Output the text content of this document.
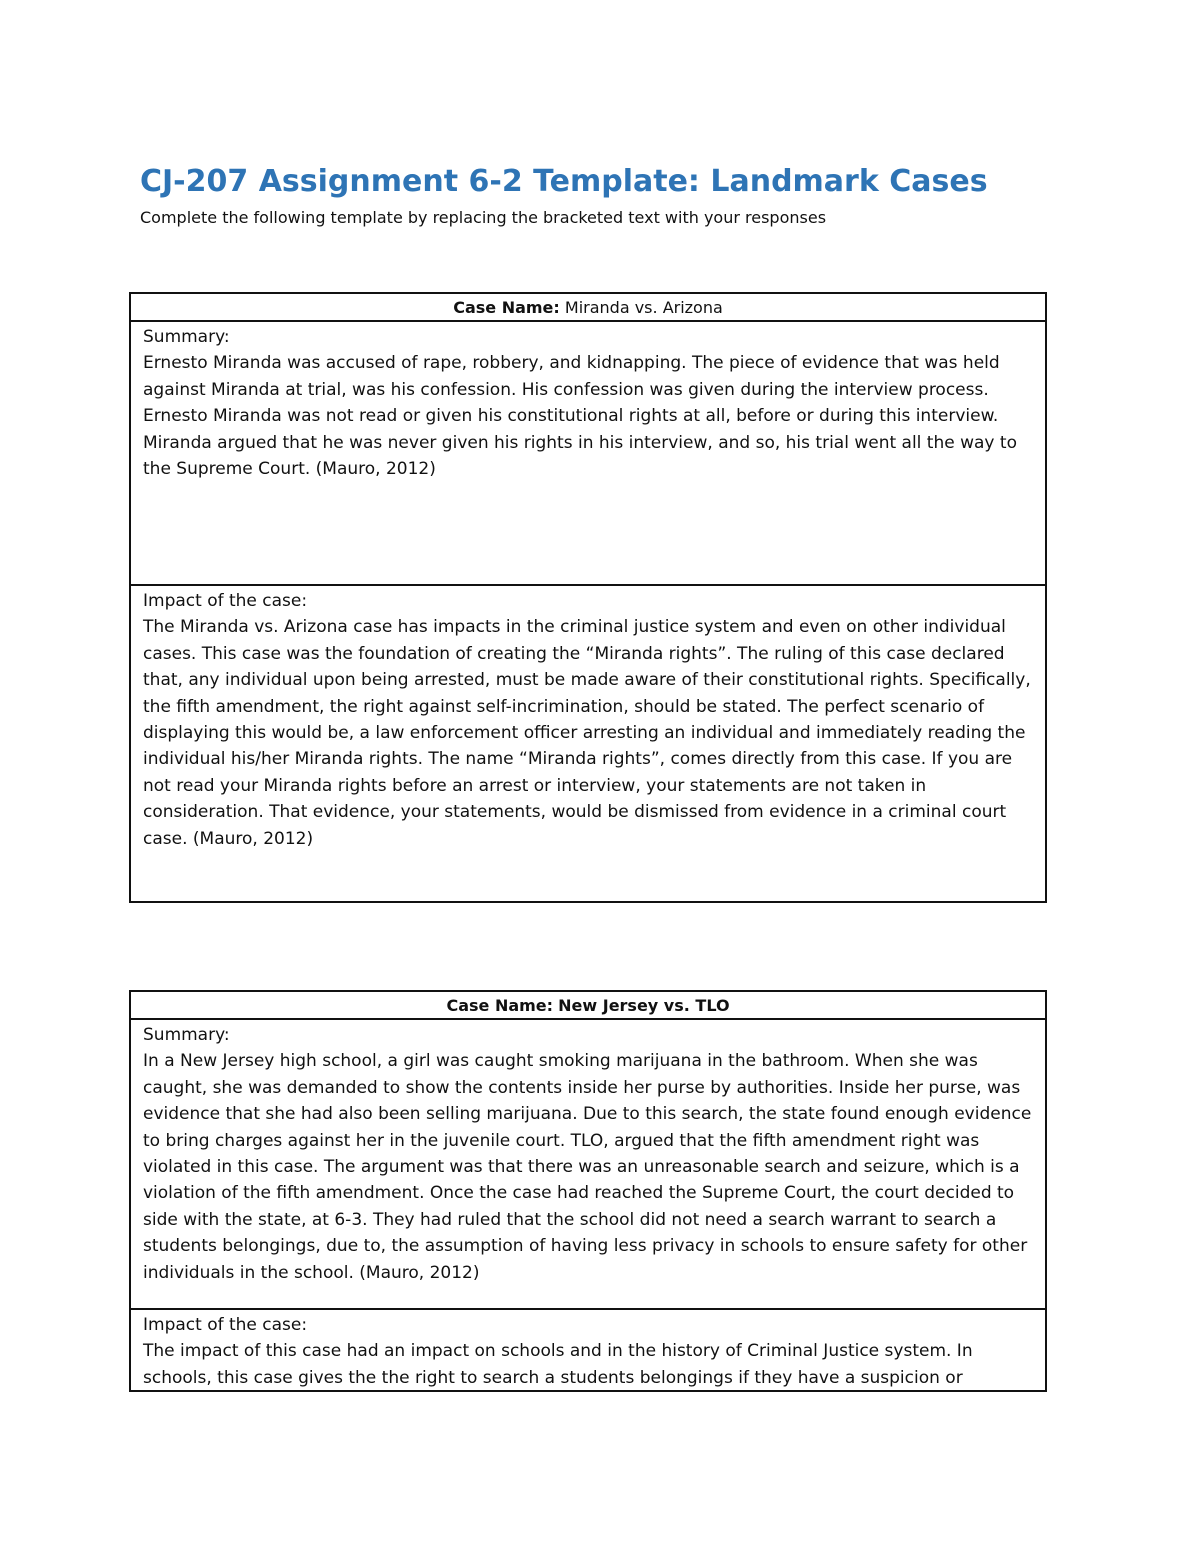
CJ-207 Assignment 6-2 Template: Landmark Cases

Complete the following template by replacing the bracketed text with your responses

Case Name: Miranda vs. Arizona
Summary:
Ernesto Miranda was accused of rape, robbery, and kidnapping. The piece of evidence that was held against Miranda at trial, was his confession. His confession was given during the interview process. Ernesto Miranda was not read or given his constitutional rights at all, before or during this interview. Miranda argued that he was never given his rights in his interview, and so, his trial went all the way to the Supreme Court. (Mauro, 2012)
Impact of the case:
The Miranda vs. Arizona case has impacts in the criminal justice system and even on other individual cases. This case was the foundation of creating the “Miranda rights”. The ruling of this case declared that, any individual upon being arrested, must be made aware of their constitutional rights. Specifically, the fifth amendment, the right against self-incrimination, should be stated. The perfect scenario of displaying this would be, a law enforcement officer arresting an individual and immediately reading the individual his/her Miranda rights. The name “Miranda rights”, comes directly from this case. If you are not read your Miranda rights before an arrest or interview, your statements are not taken in consideration. That evidence, your statements, would be dismissed from evidence in a criminal court case. (Mauro, 2012)
Case Name: New Jersey vs. TLO
Summary:
In a New Jersey high school, a girl was caught smoking marijuana in the bathroom. When she was caught, she was demanded to show the contents inside her purse by authorities. Inside her purse, was evidence that she had also been selling marijuana. Due to this search, the state found enough evidence to bring charges against her in the juvenile court. TLO, argued that the fifth amendment right was violated in this case. The argument was that there was an unreasonable search and seizure, which is a violation of the fifth amendment. Once the case had reached the Supreme Court, the court decided to side with the state, at 6-3. They had ruled that the school did not need a search warrant to search a students belongings, due to, the assumption of having less privacy in schools to ensure safety for other individuals in the school. (Mauro, 2012)
Impact of the case:
The impact of this case had an impact on schools and in the history of Criminal Justice system. In schools, this case gives the the right to search a students belongings if they have a suspicion or
